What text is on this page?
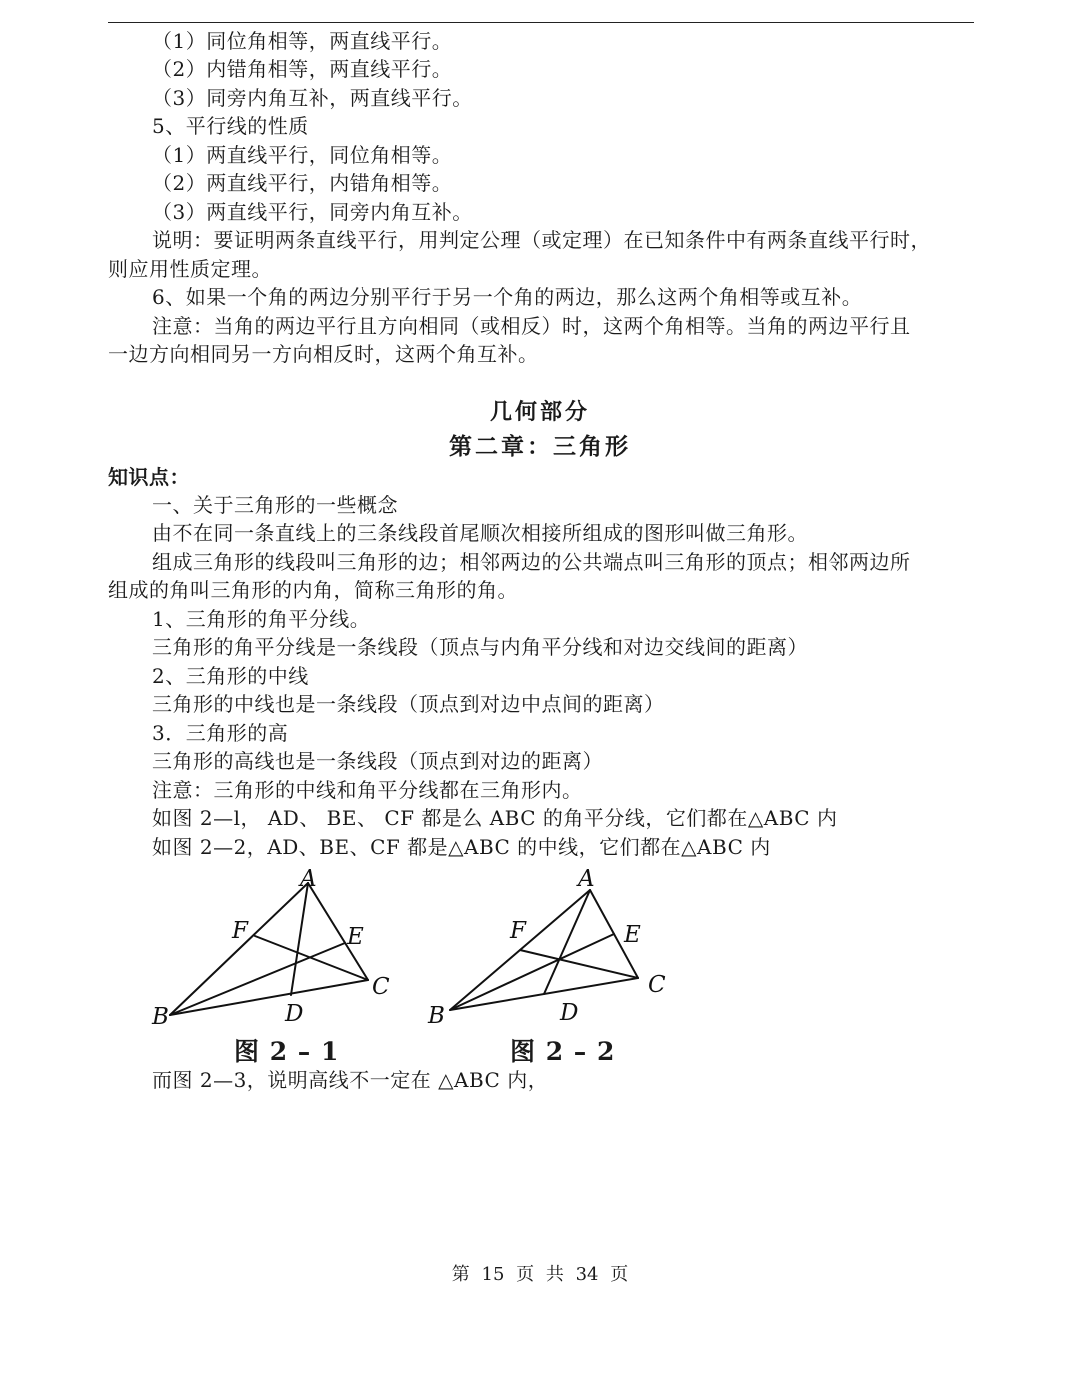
（1）同位角相等，两直线平行。
（2）内错角相等，两直线平行。
（3）同旁内角互补，两直线平行。
5、平行线的性质
（1）两直线平行，同位角相等。
（2）两直线平行，内错角相等。
（3）两直线平行，同旁内角互补。
说明：要证明两条直线平行，用判定公理（或定理）在已知条件中有两条直线平行时，
则应用性质定理。
6、如果一个角的两边分别平行于另一个角的两边，那么这两个角相等或互补。
注意：当角的两边平行且方向相同（或相反）时，这两个角相等。当角的两边平行且
一边方向相同另一方向相反时，这两个角互补。
几何部分
第二章：三角形
知识点：
一、关于三角形的一些概念
由不在同一条直线上的三条线段首尾顺次相接所组成的图形叫做三角形。
组成三角形的线段叫三角形的边；相邻两边的公共端点叫三角形的顶点；相邻两边所
组成的角叫三角形的内角，简称三角形的角。
1、三角形的角平分线。
三角形的角平分线是一条线段（顶点与内角平分线和对边交线间的距离）
2、三角形的中线
三角形的中线也是一条线段（顶点到对边中点间的距离）
3．三角形的高
三角形的高线也是一条线段（顶点到对边的距离）
注意：三角形的中线和角平分线都在三角形内。
如图 2—l， AD、 BE、 CF 都是么 ABC 的角平分线，它们都在△ABC 内
如图 2—2，AD、BE、CF 都是△ABC 的中线，它们都在△ABC 内
A
B
C
D
E
F
图 2 – 1
A
B
C
D
E
F
图 2 – 2
而图 2—3，说明高线不一定在 △ABC 内，
第 15 页 共 34 页
